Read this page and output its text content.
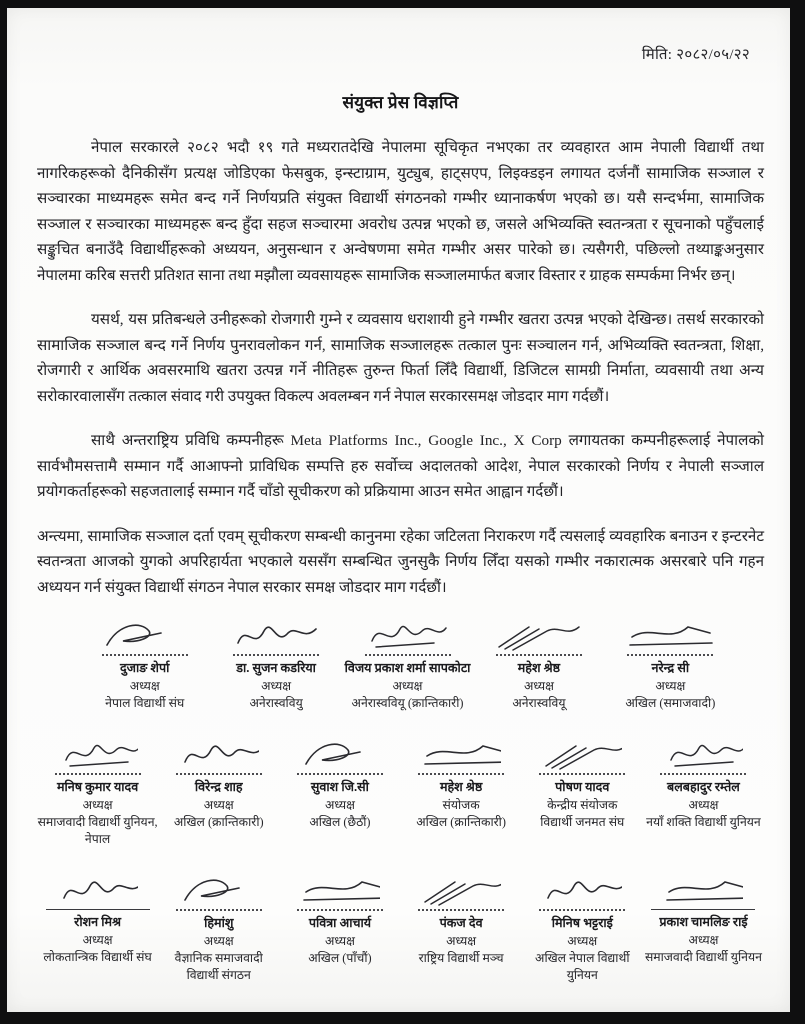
मिति: २०८२/०५/२२
संयुक्त प्रेस विज्ञप्ति

नेपाल सरकारले २०८२ भदौ १९ गते मध्यरातदेखि नेपालमा सूचिकृत नभएका तर व्यवहारत आम नेपाली विद्यार्थी तथा नागरिकहरूको दैनिकीसँग प्रत्यक्ष जोडिएका फेसबुक, इन्स्टाग्राम, युट्युब, हाट्सएप, लिइक्डइन लगायत दर्जनौं सामाजिक सञ्जाल र सञ्चारका माध्यमहरू समेत बन्द गर्ने निर्णयप्रति संयुक्त विद्यार्थी संगठनको गम्भीर ध्यानाकर्षण भएको छ। यसै सन्दर्भमा, सामाजिक सञ्जाल र सञ्चारका माध्यमहरू बन्द हुँदा सहज सञ्चारमा अवरोध उत्पन्न भएको छ, जसले अभिव्यक्ति स्वतन्त्रता र सूचनाको पहुँचलाई सङ्कुचित बनाउँदै विद्यार्थीहरूको अध्ययन, अनुसन्धान र अन्वेषणमा समेत गम्भीर असर पारेको छ। त्यसैगरी, पछिल्लो तथ्याङ्कअनुसार नेपालमा करिब सत्तरी प्रतिशत साना तथा मझौला व्यवसायहरू सामाजिक सञ्जालमार्फत बजार विस्तार र ग्राहक सम्पर्कमा निर्भर छन्।

यसर्थ, यस प्रतिबन्धले उनीहरूको रोजगारी गुम्ने र व्यवसाय धराशायी हुने गम्भीर खतरा उत्पन्न भएको देखिन्छ। तसर्थ सरकारको सामाजिक सञ्जाल बन्द गर्ने निर्णय पुनरावलोकन गर्न, सामाजिक सञ्जालहरू तत्काल पुनः सञ्चालन गर्न, अभिव्यक्ति स्वतन्त्रता, शिक्षा, रोजगारी र आर्थिक अवसरमाथि खतरा उत्पन्न गर्ने नीतिहरू तुरुन्त फिर्ता लिँदै विद्यार्थी, डिजिटल सामग्री निर्माता, व्यवसायी तथा अन्य सरोकारवालासँग तत्काल संवाद गरी उपयुक्त विकल्प अवलम्बन गर्न नेपाल सरकारसमक्ष जोडदार माग गर्दछौं।

साथै अन्तराष्ट्रिय प्रविधि कम्पनीहरू Meta Platforms Inc., Google Inc., X Corp लगायतका कम्पनीहरूलाई नेपालको सार्वभौमसत्तामै सम्मान गर्दै आआफ्नो प्राविधिक सम्पत्ति हरु सर्वोच्च अदालतको आदेश, नेपाल सरकारको निर्णय र नेपाली सञ्जाल प्रयोगकर्ताहरूको सहजतालाई सम्मान गर्दै चाँडो सूचीकरण को प्रक्रियामा आउन समेत आह्वान गर्दछौं।

अन्त्यमा, सामाजिक सञ्जाल दर्ता एवम् सूचीकरण सम्बन्धी कानुनमा रहेका जटिलता निराकरण गर्दै त्यसलाई व्यवहारिक बनाउन र इन्टरनेट स्वतन्त्रता आजको युगको अपरिहार्यता भएकाले यससँग सम्बन्धित जुनसुकै निर्णय लिँदा यसको गम्भीर नकारात्मक असरबारे पनि गहन अध्ययन गर्न संयुक्त विद्यार्थी संगठन नेपाल सरकार समक्ष जोडदार माग गर्दछौं।

दुजाङ शेर्पा
अध्यक्ष
नेपाल विद्यार्थी संघ
डा. सुजन कडरिया
अध्यक्ष
अनेरास्ववियु
विजय प्रकाश शर्मा सापकोटा
अध्यक्ष
अनेरास्ववियू (क्रान्तिकारी)
महेश श्रेष्ठ
अध्यक्ष
अनेरास्ववियू
नरेन्द्र सी
अध्यक्ष
अखिल (समाजवादी)
मनिष कुमार यादव
अध्यक्ष
समाजवादी विद्यार्थी युनियन, नेपाल
विरेन्द्र शाह
अध्यक्ष
अखिल (क्रान्तिकारी)
सुवाश जि.सी
अध्यक्ष
अखिल (छैठौं)
महेश श्रेष्ठ
संयोजक
अखिल (क्रान्तिकारी)
पोषण यादव
केन्द्रीय संयोजक
विद्यार्थी जनमत संघ
बलबहादुर रम्तेल
अध्यक्ष
नयाँ शक्ति विद्यार्थी युनियन
रोशन मिश्र
अध्यक्ष
लोकतान्त्रिक विद्यार्थी संघ
हिमांशु
अध्यक्ष
वैज्ञानिक समाजवादी विद्यार्थी संगठन
पवित्रा आचार्य
अध्यक्ष
अखिल (पाँचौं)
पंकज देव
अध्यक्ष
राष्ट्रिय विद्यार्थी मञ्च
मिनिष भट्टराई
अध्यक्ष
अखिल नेपाल विद्यार्थी युनियन
प्रकाश चामलिङ राई
अध्यक्ष
समाजवादी विद्यार्थी युनियन
